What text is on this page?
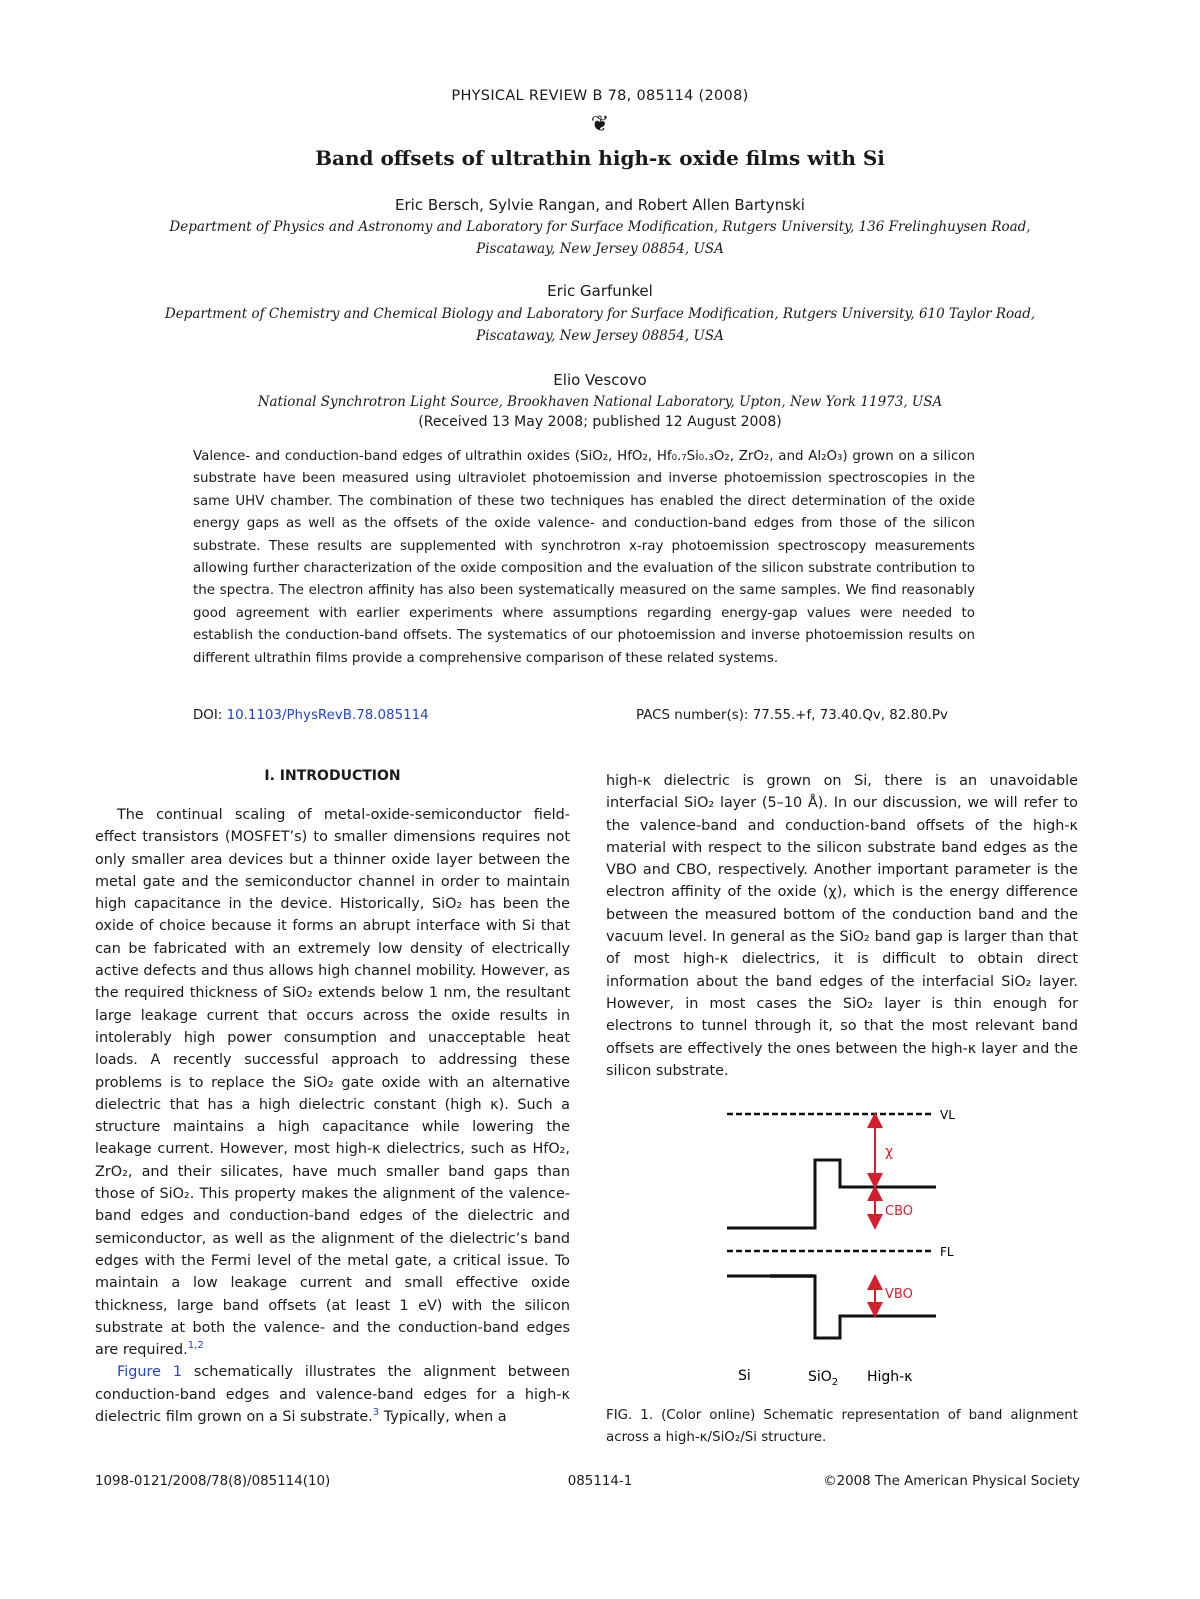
PHYSICAL REVIEW B 78, 085114 (2008)
❦
Band offsets of ultrathin high-κ oxide films with Si
Eric Bersch, Sylvie Rangan, and Robert Allen Bartynski
Department of Physics and Astronomy and Laboratory for Surface Modification, Rutgers University, 136 Frelinghuysen Road,
Piscataway, New Jersey 08854, USA
Eric Garfunkel
Department of Chemistry and Chemical Biology and Laboratory for Surface Modification, Rutgers University, 610 Taylor Road,
Piscataway, New Jersey 08854, USA
Elio Vescovo
National Synchrotron Light Source, Brookhaven National Laboratory, Upton, New York 11973, USA
(Received 13 May 2008; published 12 August 2008)
Valence- and conduction-band edges of ultrathin oxides (SiO₂, HfO₂, Hf₀.₇Si₀.₃O₂, ZrO₂, and Al₂O₃) grown on a silicon substrate have been measured using ultraviolet photoemission and inverse photoemission spectroscopies in the same UHV chamber. The combination of these two techniques has enabled the direct determination of the oxide energy gaps as well as the offsets of the oxide valence- and conduction-band edges from those of the silicon substrate. These results are supplemented with synchrotron x-ray photoemission spectroscopy measurements allowing further characterization of the oxide composition and the evaluation of the silicon substrate contribution to the spectra. The electron affinity has also been systematically measured on the same samples. We find reasonably good agreement with earlier experiments where assumptions regarding energy-gap values were needed to establish the conduction-band offsets. The systematics of our photoemission and inverse photoemission results on different ultrathin films provide a comprehensive comparison of these related systems.
DOI: 10.1103/PhysRevB.78.085114	PACS number(s): 77.55.+f, 73.40.Qv, 82.80.Pv
I. INTRODUCTION

The continual scaling of metal-oxide-semiconductor field-effect transistors (MOSFET’s) to smaller dimensions requires not only smaller area devices but a thinner oxide layer between the metal gate and the semiconductor channel in order to maintain high capacitance in the device. Historically, SiO₂ has been the oxide of choice because it forms an abrupt interface with Si that can be fabricated with an extremely low density of electrically active defects and thus allows high channel mobility. However, as the required thickness of SiO₂ extends below 1 nm, the resultant large leakage current that occurs across the oxide results in intolerably high power consumption and unacceptable heat loads. A recently successful approach to addressing these problems is to replace the SiO₂ gate oxide with an alternative dielectric that has a high dielectric constant (high κ). Such a structure maintains a high capacitance while lowering the leakage current. However, most high-κ dielectrics, such as HfO₂, ZrO₂, and their silicates, have much smaller band gaps than those of SiO₂. This property makes the alignment of the valence-band edges and conduction-band edges of the dielectric and semiconductor, as well as the alignment of the dielectric’s band edges with the Fermi level of the metal gate, a critical issue. To maintain a low leakage current and small effective oxide thickness, large band offsets (at least 1 eV) with the silicon substrate at both the valence- and the conduction-band edges are required.$^{1,2}$

Figure 1 schematically illustrates the alignment between conduction-band edges and valence-band edges for a high-κ dielectric film grown on a Si substrate.$^3$ Typically, when a

high-κ dielectric is grown on Si, there is an unavoidable interfacial SiO₂ layer (5–10 Å). In our discussion, we will refer to the valence-band and conduction-band offsets of the high-κ material with respect to the silicon substrate band edges as the VBO and CBO, respectively. Another important parameter is the electron affinity of the oxide (χ), which is the energy difference between the measured bottom of the conduction band and the vacuum level. In general as the SiO₂ band gap is larger than that of most high-κ dielectrics, it is difficult to obtain direct information about the band edges of the interfacial SiO₂ layer. However, in most cases the SiO₂ layer is thin enough for electrons to tunnel through it, so that the most relevant band offsets are effectively the ones between the high-κ layer and the silicon substrate.

VL
FL
χ
CBO
VBO
Si	SiO$_2$ High-κ
FIG. 1. (Color online) Schematic representation of band alignment across a high-κ/SiO₂/Si structure.
1098-0121/2008/78(8)/085114(10)	085114-1	©2008 The American Physical Society
